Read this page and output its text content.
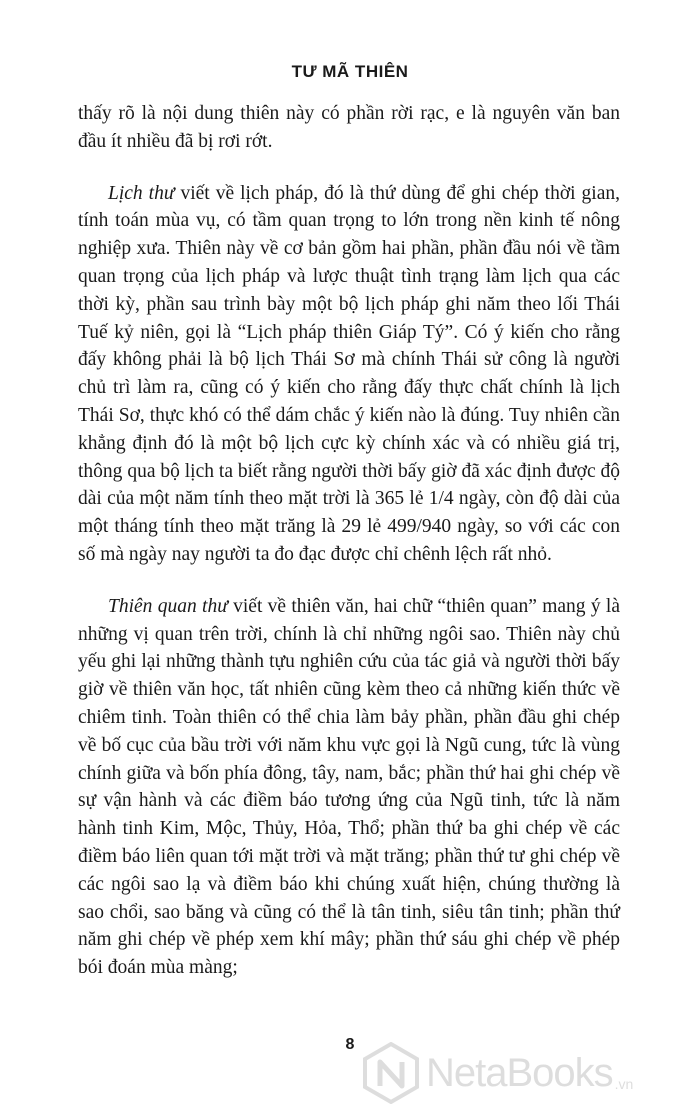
TƯ MÃ THIÊN

thấy rõ là nội dung thiên này có phần rời rạc, e là nguyên văn ban đầu ít nhiều đã bị rơi rớt.

Lịch thư viết về lịch pháp, đó là thứ dùng để ghi chép thời gian, tính toán mùa vụ, có tầm quan trọng to lớn trong nền kinh tế nông nghiệp xưa. Thiên này về cơ bản gồm hai phần, phần đầu nói về tầm quan trọng của lịch pháp và lược thuật tình trạng làm lịch qua các thời kỳ, phần sau trình bày một bộ lịch pháp ghi năm theo lối Thái Tuế kỷ niên, gọi là “Lịch pháp thiên Giáp Tý”. Có ý kiến cho rằng đấy không phải là bộ lịch Thái Sơ mà chính Thái sử công là người chủ trì làm ra, cũng có ý kiến cho rằng đấy thực chất chính là lịch Thái Sơ, thực khó có thể dám chắc ý kiến nào là đúng. Tuy nhiên cần khẳng định đó là một bộ lịch cực kỳ chính xác và có nhiều giá trị, thông qua bộ lịch ta biết rằng người thời bấy giờ đã xác định được độ dài của một năm tính theo mặt trời là 365 lẻ 1/4 ngày, còn độ dài của một tháng tính theo mặt trăng là 29 lẻ 499/940 ngày, so với các con số mà ngày nay người ta đo đạc được chỉ chênh lệch rất nhỏ.

Thiên quan thư viết về thiên văn, hai chữ “thiên quan” mang ý là những vị quan trên trời, chính là chỉ những ngôi sao. Thiên này chủ yếu ghi lại những thành tựu nghiên cứu của tác giả và người thời bấy giờ về thiên văn học, tất nhiên cũng kèm theo cả những kiến thức về chiêm tinh. Toàn thiên có thể chia làm bảy phần, phần đầu ghi chép về bố cục của bầu trời với năm khu vực gọi là Ngũ cung, tức là vùng chính giữa và bốn phía đông, tây, nam, bắc; phần thứ hai ghi chép về sự vận hành và các điềm báo tương ứng của Ngũ tinh, tức là năm hành tinh Kim, Mộc, Thủy, Hỏa, Thổ; phần thứ ba ghi chép về các điềm báo liên quan tới mặt trời và mặt trăng; phần thứ tư ghi chép về các ngôi sao lạ và điềm báo khi chúng xuất hiện, chúng thường là sao chổi, sao băng và cũng có thể là tân tinh, siêu tân tinh; phần thứ năm ghi chép về phép xem khí mây; phần thứ sáu ghi chép về phép bói đoán mùa màng;

8
NetaBooks .vn
